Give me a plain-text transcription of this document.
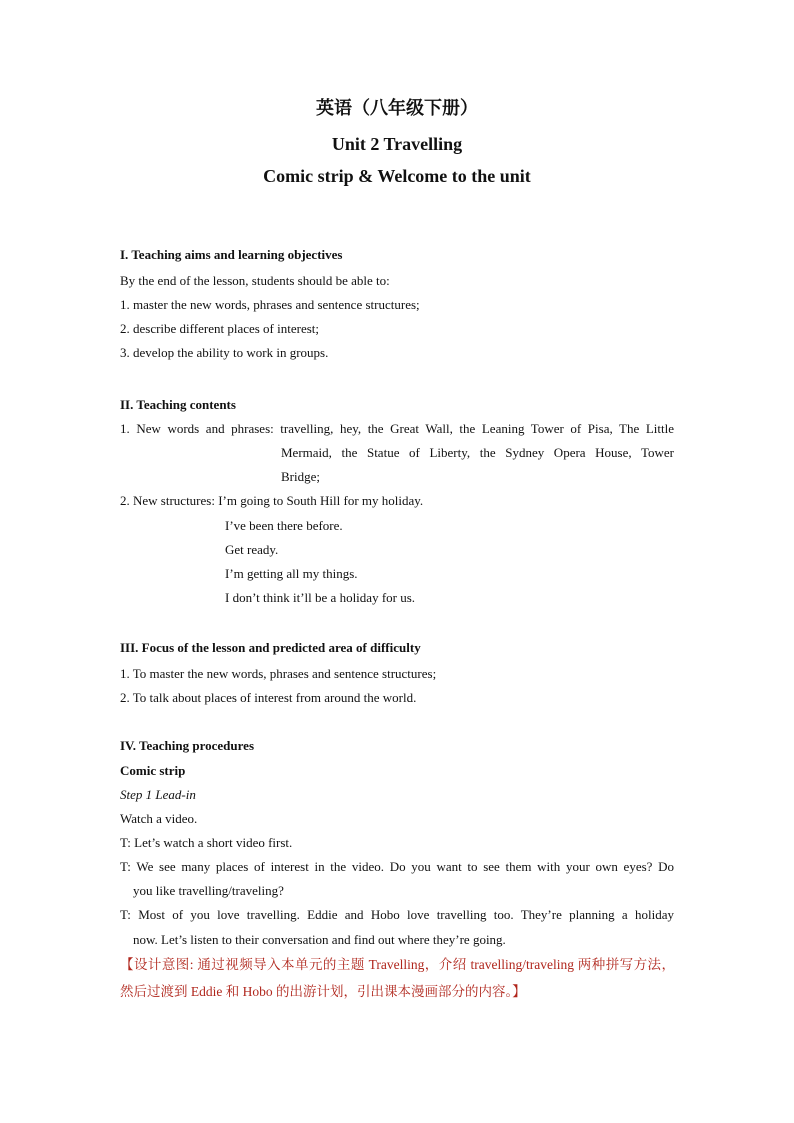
英语（八年级下册）
Unit 2 Travelling
Comic strip & Welcome to the unit
I. Teaching aims and learning objectives
By the end of the lesson, students should be able to:
1. master the new words, phrases and sentence structures;
2. describe different places of interest;
3. develop the ability to work in groups.
II. Teaching contents
1. New words and phrases: travelling, hey, the Great Wall, the Leaning Tower of Pisa, The Little
Mermaid, the Statue of Liberty, the Sydney Opera House, Tower
Bridge;
2. New structures: I’m going to South Hill for my holiday.
I’ve been there before.
Get ready.
I’m getting all my things.
I don’t think it’ll be a holiday for us.
III. Focus of the lesson and predicted area of difficulty
1. To master the new words, phrases and sentence structures;
2. To talk about places of interest from around the world.
IV. Teaching procedures
Comic strip
Step 1 Lead-in
Watch a video.
T: Let’s watch a short video first.
T: We see many places of interest in the video. Do you want to see them with your own eyes? Do
you like travelling/traveling?
T: Most of you love travelling. Eddie and Hobo love travelling too. They’re planning a holiday
now. Let’s listen to their conversation and find out where they’re going.
【设计意图: 通过视频导入本单元的主题 Travelling，介绍 travelling/traveling 两种拼写方法，
然后过渡到 Eddie 和 Hobo 的出游计划，引出课本漫画部分的内容。】
